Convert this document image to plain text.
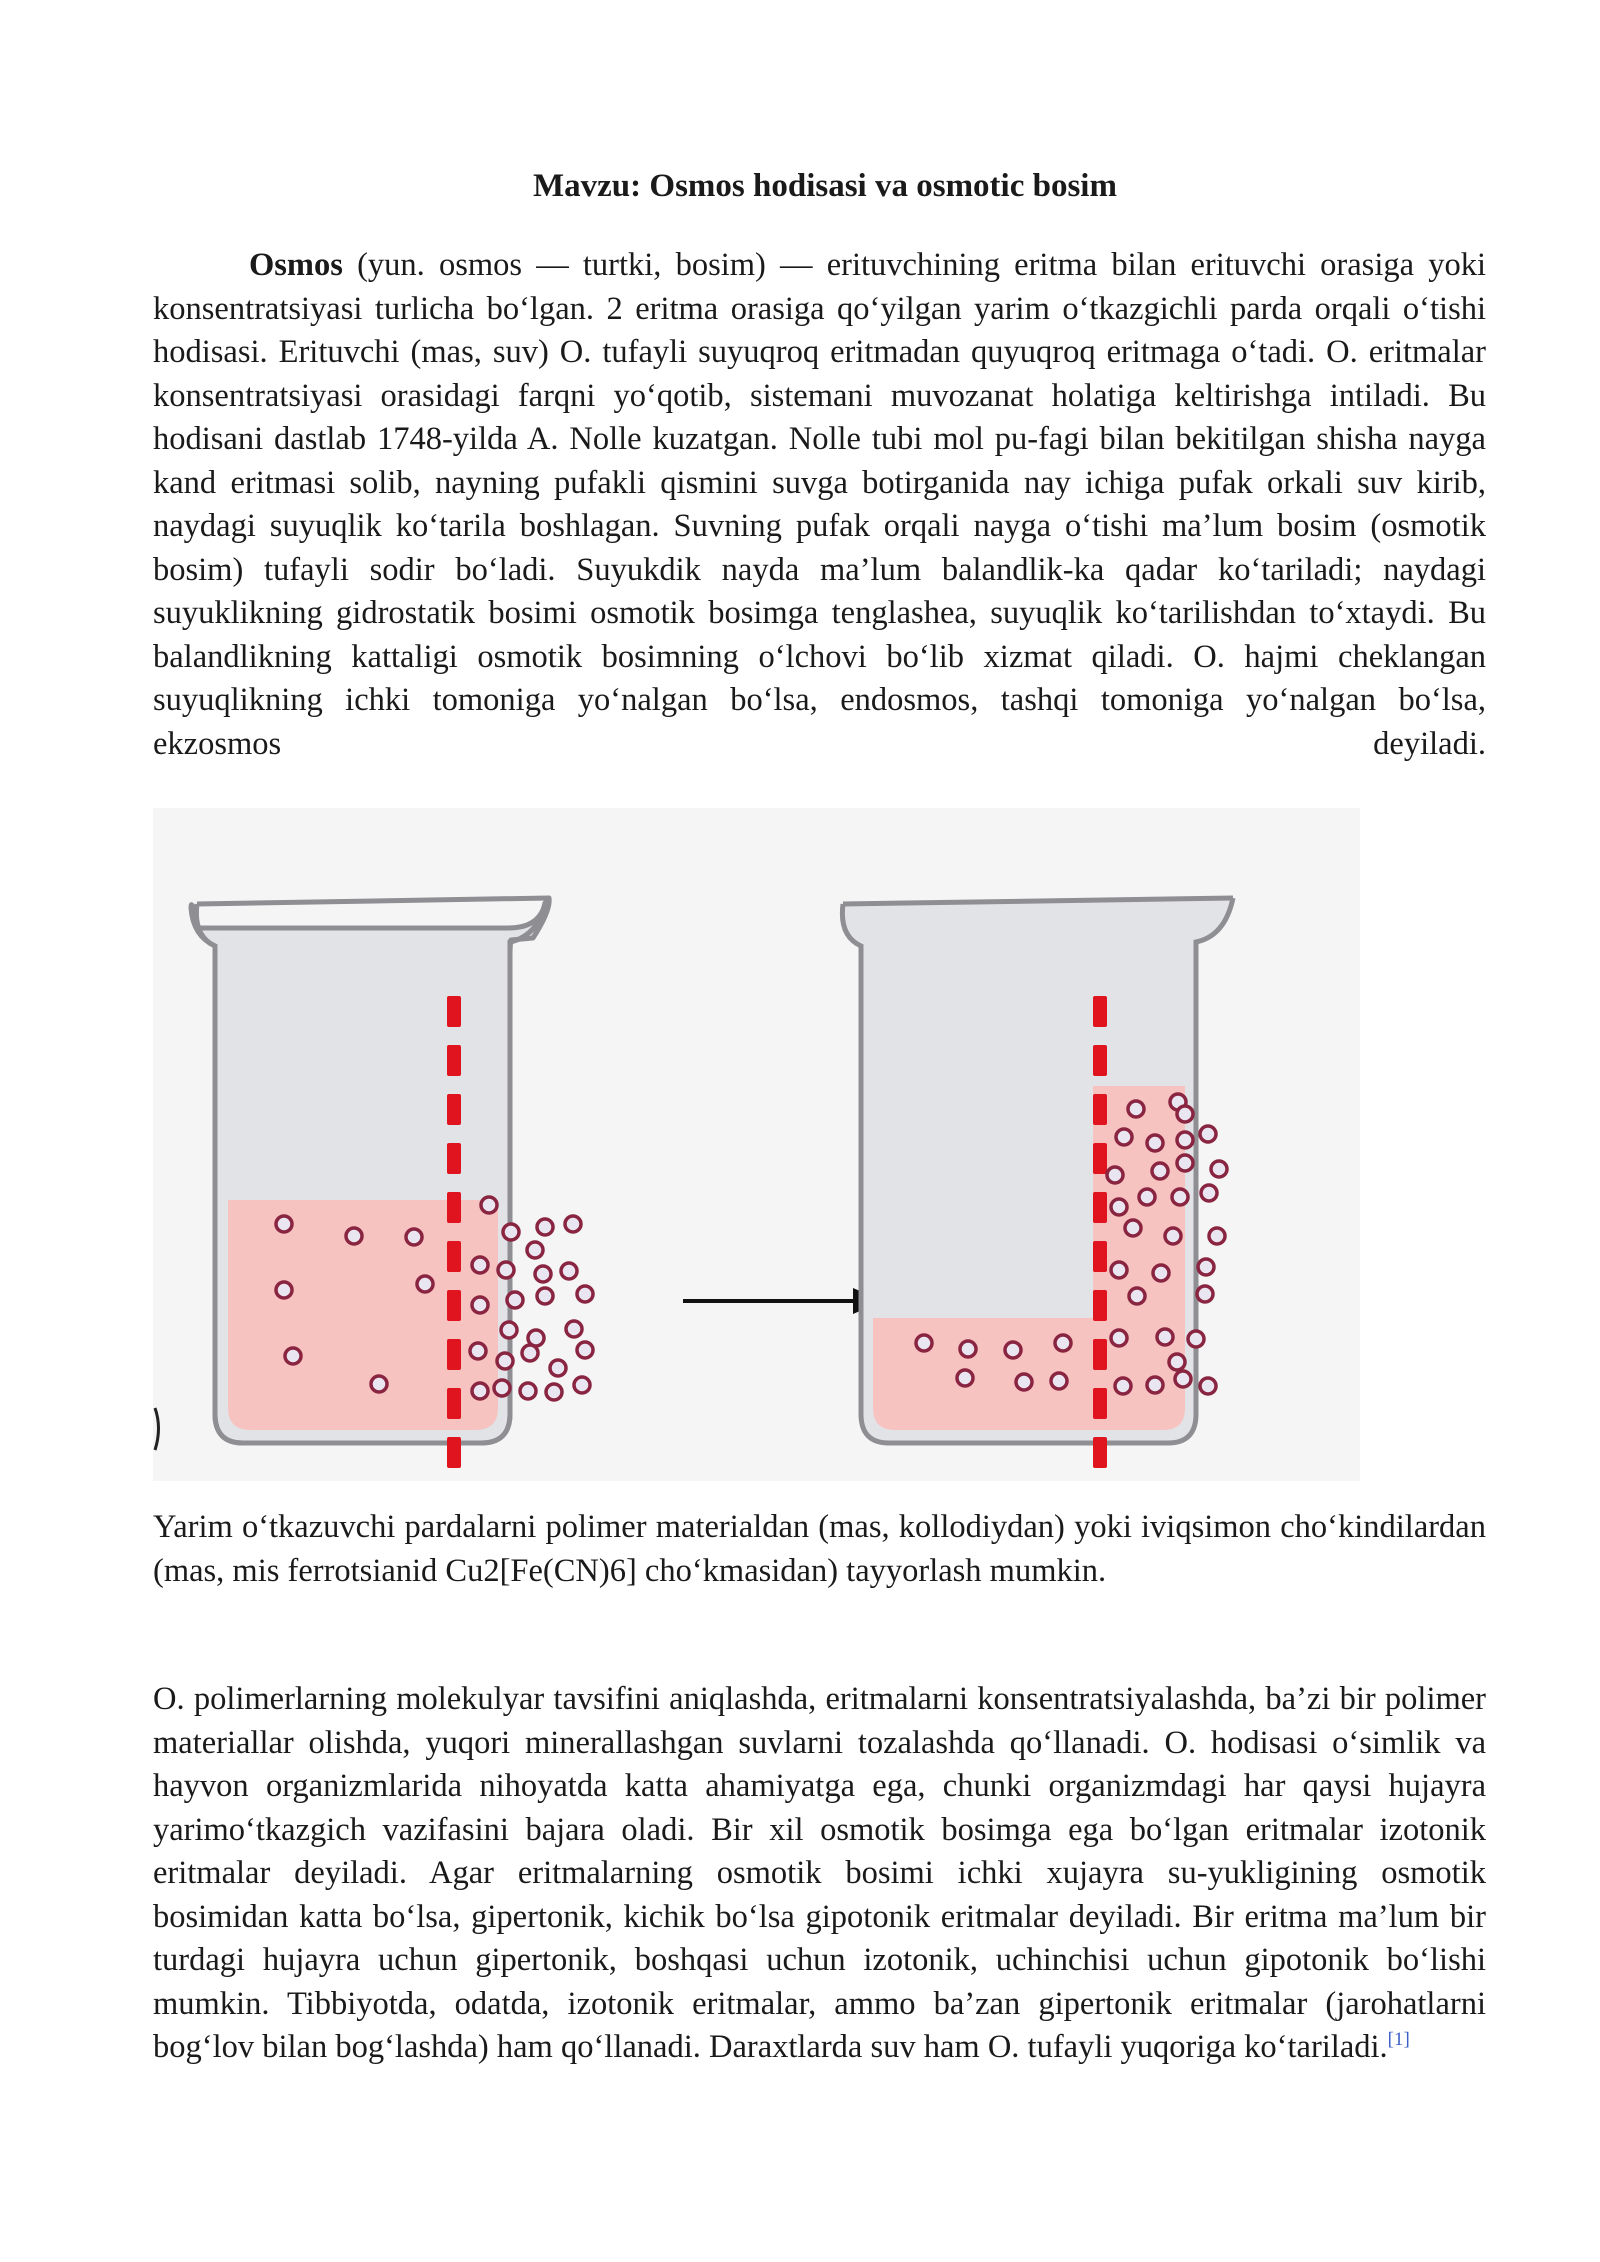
Mavzu: Osmos hodisasi va osmotic bosim

Osmos (yun. osmos — turtki, bosim) — erituvchining eritma bilan erituvchi orasiga yoki konsentratsiyasi turlicha bo‘lgan. 2 eritma orasiga qo‘yilgan yarim o‘tkazgichli parda orqali o‘tishi hodisasi. Erituvchi (mas, suv) O. tufayli suyuqroq eritmadan quyuqroq eritmaga o‘tadi. O. eritmalar konsentratsiyasi orasidagi farqni yo‘qotib, sistemani muvozanat holatiga keltirishga intiladi. Bu hodisani dastlab 1748-yilda A. Nolle kuzatgan. Nolle tubi mol pu-fagi bilan bekitilgan shisha nayga kand eritmasi solib, nayning pufakli qismini suvga botirganida nay ichiga pufak orkali suv kirib, naydagi suyuqlik ko‘tarila boshlagan. Suvning pufak orqali nayga o‘tishi ma’lum bosim (osmotik bosim) tufayli sodir bo‘ladi. Suyukdik nayda ma’lum balandlik-ka qadar ko‘tariladi; naydagi suyuklikning gidrostatik bosimi osmotik bosimga tenglashea, suyuqlik ko‘tarilishdan to‘xtaydi. Bu balandlikning kattaligi osmotik bosimning o‘lchovi bo‘lib xizmat qiladi. O. hajmi cheklangan suyuqlikning ichki tomoniga yo‘nalgan bo‘lsa, endosmos, tashqi tomoniga yo‘nalgan bo‘lsa, ekzosmos deyiladi.

Yarim o‘tkazuvchi pardalarni polimer materialdan (mas, kollodiydan) yoki iviqsimon cho‘kindilardan (mas, mis ferrotsianid Cu2[Fe(CN)6] cho‘kmasidan) tayyorlash mumkin.

O. polimerlarning molekulyar tavsifini aniqlashda, eritmalarni konsentratsiyalashda, ba’zi bir polimer materiallar olishda, yuqori minerallashgan suvlarni tozalashda qo‘llanadi. O. hodisasi o‘simlik va hayvon organizmlarida nihoyatda katta ahamiyatga ega, chunki organizmdagi har qaysi hujayra yarimo‘tkazgich vazifasini bajara oladi. Bir xil osmotik bosimga ega bo‘lgan eritmalar izotonik eritmalar deyiladi. Agar eritmalarning osmotik bosimi ichki xujayra su-yukligining osmotik bosimidan katta bo‘lsa, gipertonik, kichik bo‘lsa gipotonik eritmalar deyiladi. Bir eritma ma’lum bir turdagi hujayra uchun gipertonik, boshqasi uchun izotonik, uchinchisi uchun gipotonik bo‘lishi mumkin. Tibbiyotda, odatda, izotonik eritmalar, ammo ba’zan gipertonik eritmalar (jarohatlarni bog‘lov bilan bog‘lashda) ham qo‘llanadi. Daraxtlarda suv ham O. tufayli yuqoriga ko‘tariladi.[1]
